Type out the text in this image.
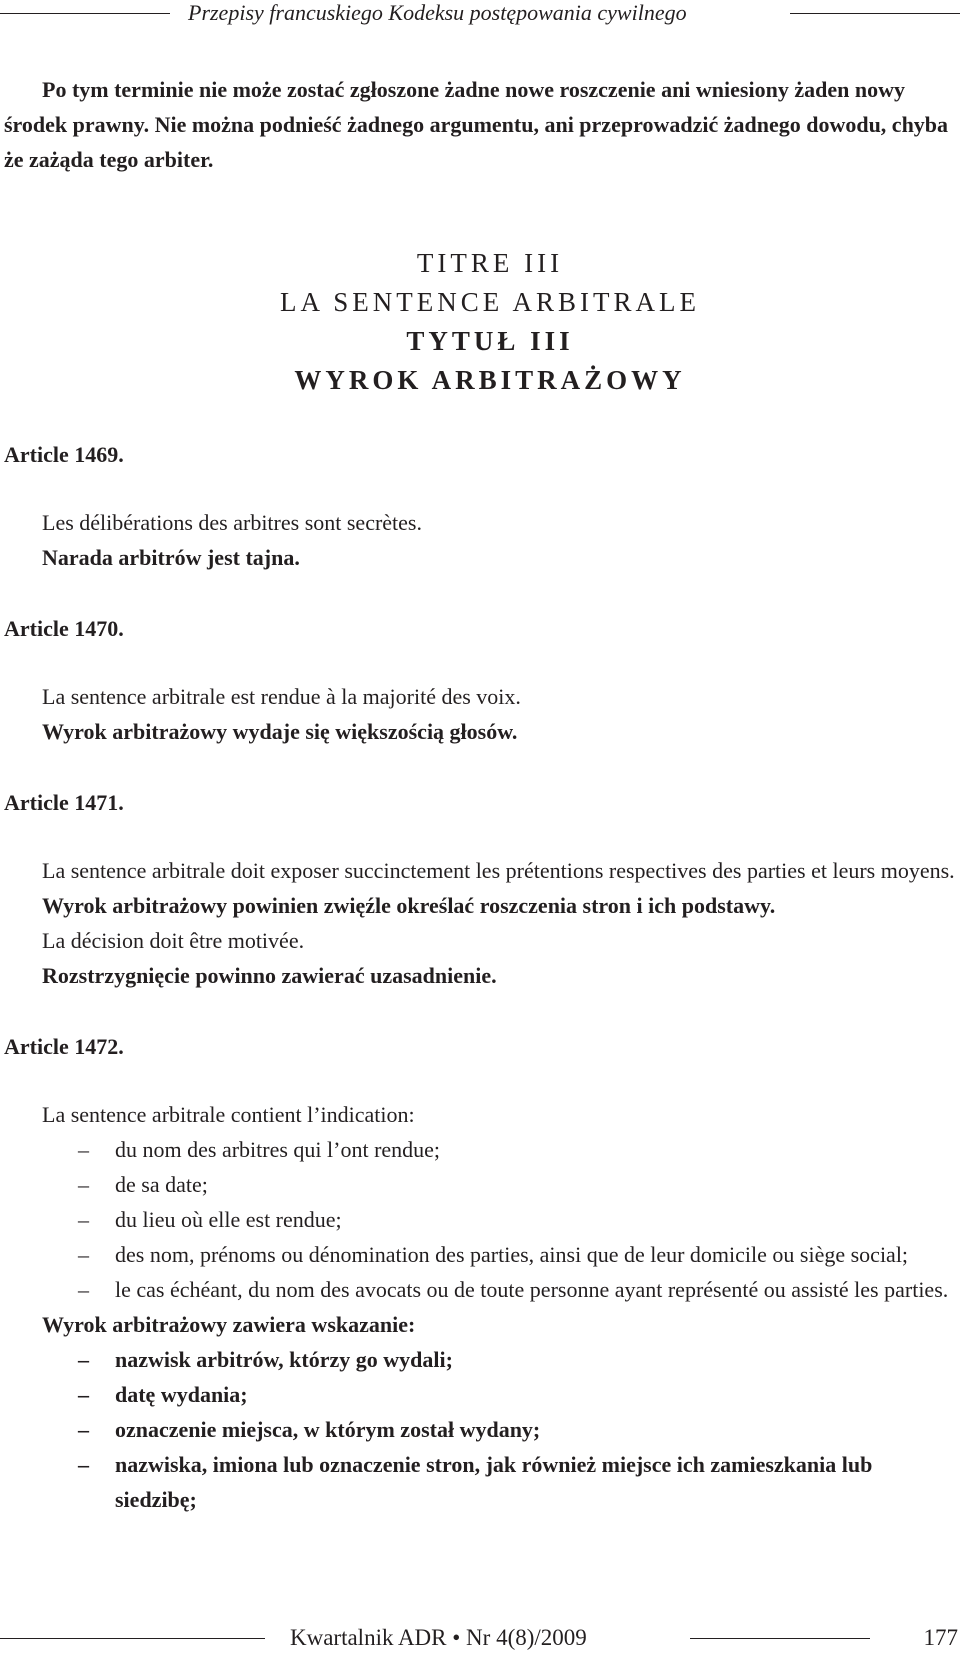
Przepisy francuskiego Kodeksu postępowania cywilnego

Po tym terminie nie może zostać zgłoszone żadne nowe roszczenie ani wniesiony żaden nowy środek prawny. Nie można podnieść żadnego argumentu, ani przeprowadzić żadnego dowodu, chyba że zażąda tego arbiter.

TITRE III
LA SENTENCE ARBITRALE
TYTUŁ III
WYROK ARBITRAŻOWY

Article 1469.

Les délibérations des arbitres sont secrètes.

Narada arbitrów jest tajna.

Article 1470.

La sentence arbitrale est rendue à la majorité des voix.

Wyrok arbitrażowy wydaje się większością głosów.

Article 1471.

La sentence arbitrale doit exposer succinctement les prétentions respectives des parties et leurs moyens.

Wyrok arbitrażowy powinien zwięźle określać roszczenia stron i ich podstawy.

La décision doit être motivée.

Rozstrzygnięcie powinno zawierać uzasadnienie.

Article 1472.

La sentence arbitrale contient l’indication:

– du nom des arbitres qui l’ont rendue;
– de sa date;
– du lieu où elle est rendue;
– des nom, prénoms ou dénomination des parties, ainsi que de leur domicile ou siège social;
– le cas échéant, du nom des avocats ou de toute personne ayant représenté ou assisté les parties.

Wyrok arbitrażowy zawiera wskazanie:

– nazwisk arbitrów, którzy go wydali;
– datę wydania;
– oznaczenie miejsca, w którym został wydany;
– nazwiska, imiona lub oznaczenie stron, jak również miejsce ich zamieszkania lub siedzibę;
Kwartalnik ADR • Nr 4(8)/2009	177
